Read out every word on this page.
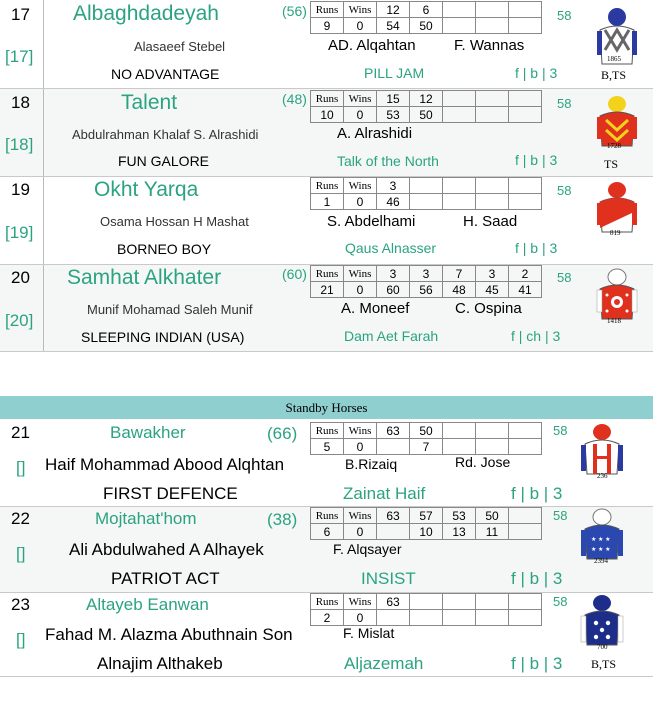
17
[17]
Albaghdadeyah	(56) Runs	Wins	12	6			
9	0	54	50			
58
Alasaeef Stebel	AD. Alqahtan	F. Wannas
NO ADVANTAGE	PILL JAM	f | b | 3
1865
B,TS
18
[18]
Talent	(48) Runs	Wins	15	12			
10	0	53	50			
58
Abdulrahman Khalaf S. Alrashidi	A. Alrashidi
FUN GALORE	Talk of the North	f | b | 3
1728
TS
19
[19]
Okht Yarqa	Runs	Wins	3				
1	0	46				
58
Osama Hossan H Mashat	S. Abdelhami	H. Saad
BORNEO BOY	Qaus Alnasser	f | b | 3
819
20
[20]
Samhat Alkhater	(60) Runs	Wins	3	3	7	3	2
21	0	60	56	48	45	41
58
Munif Mohamad Saleh Munif	A. Moneef	C. Ospina
SLEEPING INDIAN (USA)	Dam Aet Farah	f | ch | 3
1418
Standby Horses
21
[]
Bawakher	(66) Runs	Wins	63	50			
5	0		7			
58
Haif Mohammad Abood Alqhtan	B.Rizaiq	Rd. Jose
FIRST DEFENCE	Zainat Haif	f | b | 3
236
22
[]
Mojtahat'hom	(38) Runs	Wins	63	57	53	50	
6	0		10	13	11	
58
Ali Abdulwahed A Alhayek	F. Alqsayer
PATRIOT ACT	INSIST	f | b | 3
★ ★ ★
★ ★ ★
2394
23
[]
Altayeb Eanwan	Runs	Wins	63				
2	0					
58
Fahad M. Alazma Abuthnain Son	F. Mislat
Alnajim Althakeb	Aljazemah	f | b | 3
700
B,TS
